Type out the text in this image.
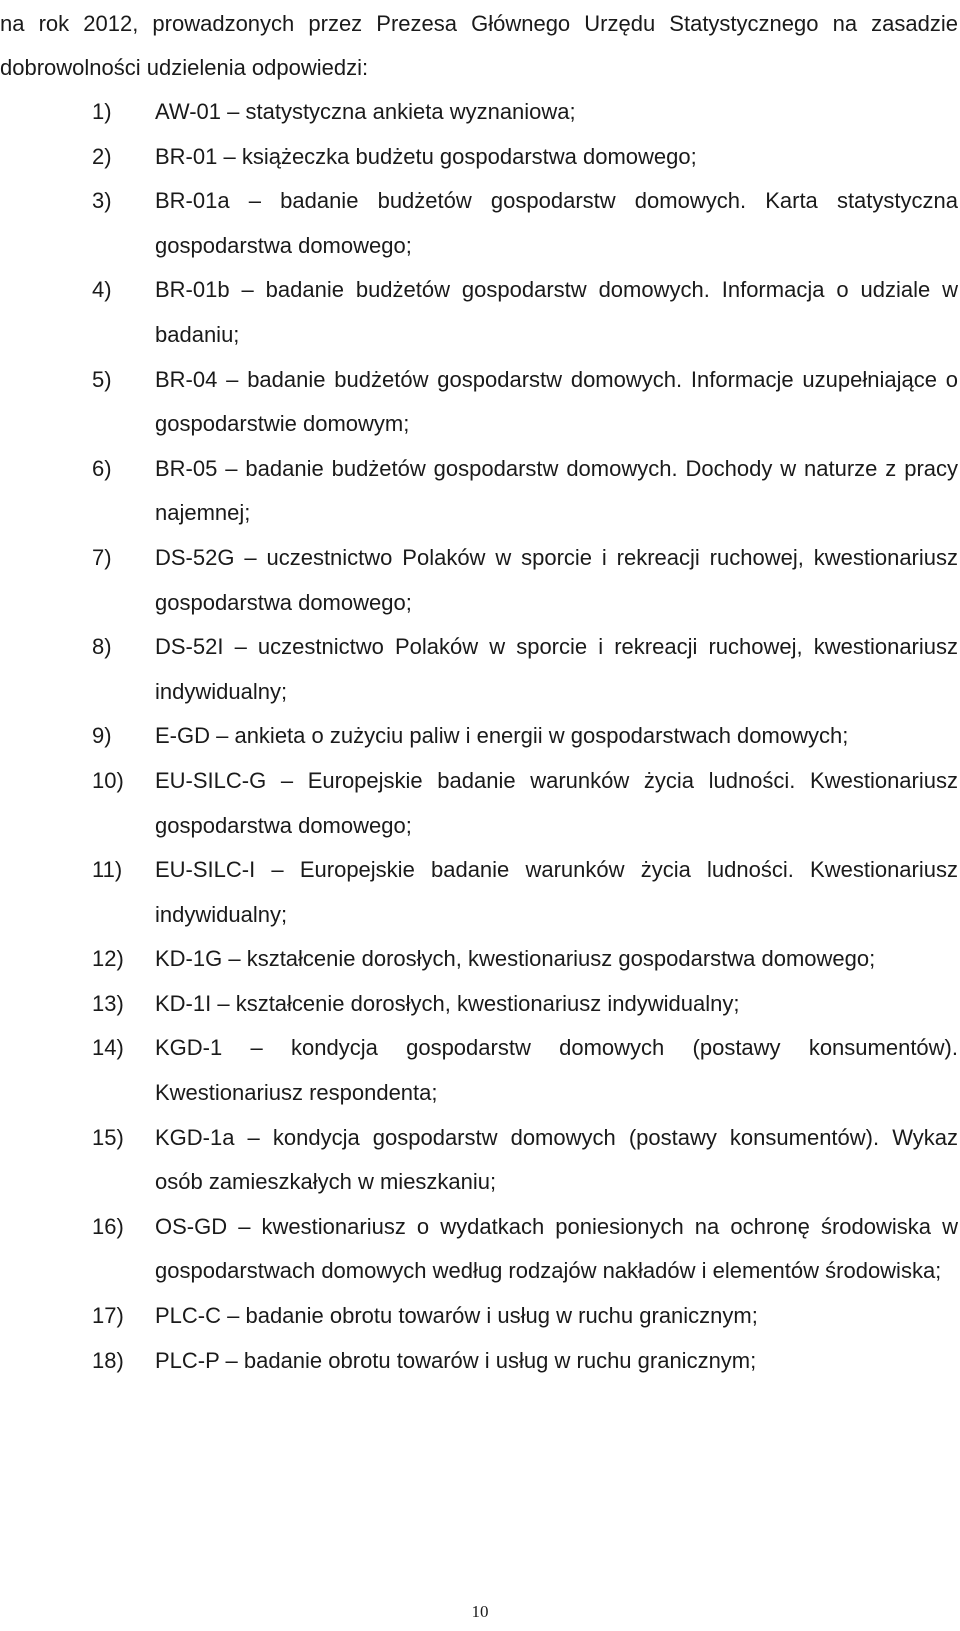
na rok 2012, prowadzonych przez Prezesa Głównego Urzędu Statystycznego na zasadzie dobrowolności udzielenia odpowiedzi:
1)	AW-01 – statystyczna ankieta wyznaniowa;
2)	BR-01 – książeczka budżetu gospodarstwa domowego;
3)	BR-01a – badanie budżetów gospodarstw domowych. Karta statystyczna gospodarstwa domowego;
4)	BR-01b – badanie budżetów gospodarstw domowych. Informacja o udziale w badaniu;
5)	BR-04 – badanie budżetów gospodarstw domowych. Informacje uzupełniające o gospodarstwie domowym;
6)	BR-05 – badanie budżetów gospodarstw domowych. Dochody w naturze z pracy najemnej;
7)	DS-52G – uczestnictwo Polaków w sporcie i rekreacji ruchowej, kwestionariusz gospodarstwa domowego;
8)	DS-52I – uczestnictwo Polaków w sporcie i rekreacji ruchowej, kwestionariusz indywidualny;
9)	E-GD – ankieta o zużyciu paliw i energii w gospodarstwach domowych;
10)	EU-SILC-G – Europejskie badanie warunków życia ludności. Kwestionariusz gospodarstwa domowego;
11)	EU-SILC-I – Europejskie badanie warunków życia ludności. Kwestionariusz indywidualny;
12)	KD-1G – kształcenie dorosłych, kwestionariusz gospodarstwa domowego;
13)	KD-1I – kształcenie dorosłych, kwestionariusz indywidualny;
14)	KGD-1 – kondycja gospodarstw domowych (postawy konsumentów). Kwestionariusz respondenta;
15)	KGD-1a – kondycja gospodarstw domowych (postawy konsumentów). Wykaz osób zamieszkałych w mieszkaniu;
16)	OS-GD – kwestionariusz o wydatkach poniesionych na ochronę środowiska w gospodarstwach domowych według rodzajów nakładów i elementów środowiska;
17)	PLC-C – badanie obrotu towarów i usług w ruchu granicznym;
18)	PLC-P – badanie obrotu towarów i usług w ruchu granicznym;
10
